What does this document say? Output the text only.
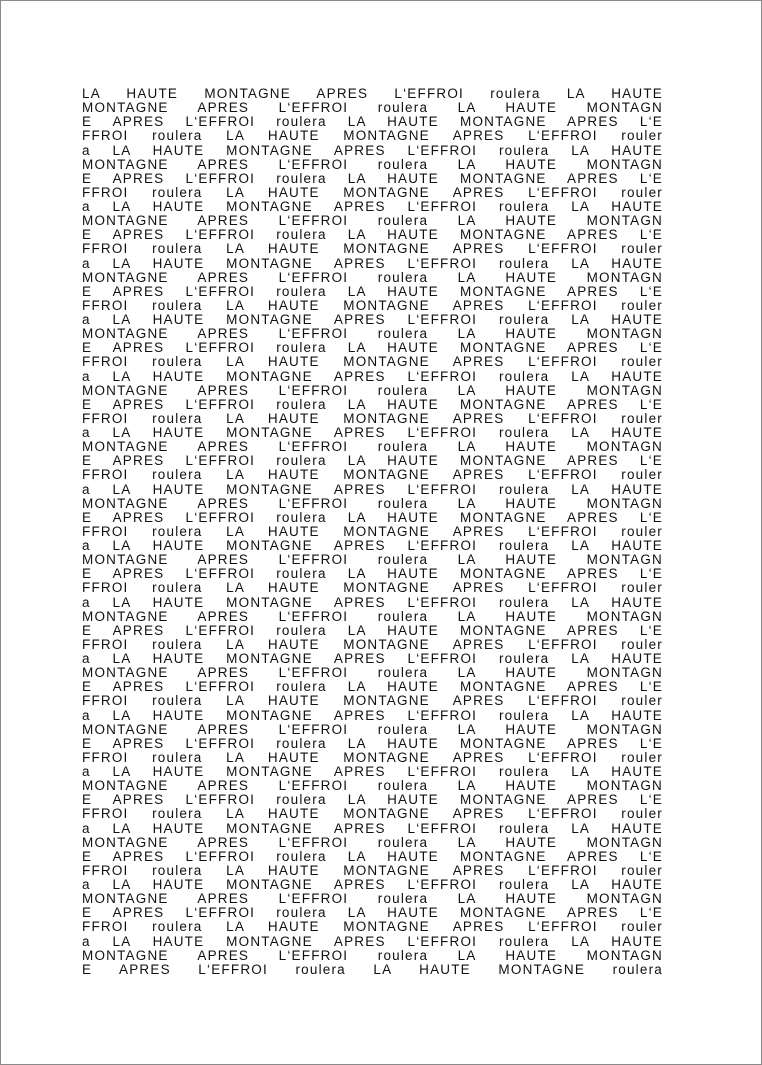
LA HAUTE MONTAGNE APRES L‘EFFROI roulera LA HAUTE
MONTAGNE APRES L‘EFFROI roulera LA HAUTE MONTAGN
E APRES L‘EFFROI roulera LA HAUTE MONTAGNE APRES L‘E
FFROI roulera LA HAUTE MONTAGNE APRES L‘EFFROI rouler
a LA HAUTE MONTAGNE APRES L‘EFFROI roulera LA HAUTE
MONTAGNE APRES L‘EFFROI roulera LA HAUTE MONTAGN
E APRES L‘EFFROI roulera LA HAUTE MONTAGNE APRES L‘E
FFROI roulera LA HAUTE MONTAGNE APRES L‘EFFROI rouler
a LA HAUTE MONTAGNE APRES L‘EFFROI roulera LA HAUTE
MONTAGNE APRES L‘EFFROI roulera LA HAUTE MONTAGN
E APRES L‘EFFROI roulera LA HAUTE MONTAGNE APRES L‘E
FFROI roulera LA HAUTE MONTAGNE APRES L‘EFFROI rouler
a LA HAUTE MONTAGNE APRES L‘EFFROI roulera LA HAUTE
MONTAGNE APRES L‘EFFROI roulera LA HAUTE MONTAGN
E APRES L‘EFFROI roulera LA HAUTE MONTAGNE APRES L‘E
FFROI roulera LA HAUTE MONTAGNE APRES L‘EFFROI rouler
a LA HAUTE MONTAGNE APRES L‘EFFROI roulera LA HAUTE
MONTAGNE APRES L‘EFFROI roulera LA HAUTE MONTAGN
E APRES L‘EFFROI roulera LA HAUTE MONTAGNE APRES L‘E
FFROI roulera LA HAUTE MONTAGNE APRES L‘EFFROI rouler
a LA HAUTE MONTAGNE APRES L‘EFFROI roulera LA HAUTE
MONTAGNE APRES L‘EFFROI roulera LA HAUTE MONTAGN
E APRES L‘EFFROI roulera LA HAUTE MONTAGNE APRES L‘E
FFROI roulera LA HAUTE MONTAGNE APRES L‘EFFROI rouler
a LA HAUTE MONTAGNE APRES L‘EFFROI roulera LA HAUTE
MONTAGNE APRES L‘EFFROI roulera LA HAUTE MONTAGN
E APRES L‘EFFROI roulera LA HAUTE MONTAGNE APRES L‘E
FFROI roulera LA HAUTE MONTAGNE APRES L‘EFFROI rouler
a LA HAUTE MONTAGNE APRES L‘EFFROI roulera LA HAUTE
MONTAGNE APRES L‘EFFROI roulera LA HAUTE MONTAGN
E APRES L‘EFFROI roulera LA HAUTE MONTAGNE APRES L‘E
FFROI roulera LA HAUTE MONTAGNE APRES L‘EFFROI rouler
a LA HAUTE MONTAGNE APRES L‘EFFROI roulera LA HAUTE
MONTAGNE APRES L‘EFFROI roulera LA HAUTE MONTAGN
E APRES L‘EFFROI roulera LA HAUTE MONTAGNE APRES L‘E
FFROI roulera LA HAUTE MONTAGNE APRES L‘EFFROI rouler
a LA HAUTE MONTAGNE APRES L‘EFFROI roulera LA HAUTE
MONTAGNE APRES L‘EFFROI roulera LA HAUTE MONTAGN
E APRES L‘EFFROI roulera LA HAUTE MONTAGNE APRES L‘E
FFROI roulera LA HAUTE MONTAGNE APRES L‘EFFROI rouler
a LA HAUTE MONTAGNE APRES L‘EFFROI roulera LA HAUTE
MONTAGNE APRES L‘EFFROI roulera LA HAUTE MONTAGN
E APRES L‘EFFROI roulera LA HAUTE MONTAGNE APRES L‘E
FFROI roulera LA HAUTE MONTAGNE APRES L‘EFFROI rouler
a LA HAUTE MONTAGNE APRES L‘EFFROI roulera LA HAUTE
MONTAGNE APRES L‘EFFROI roulera LA HAUTE MONTAGN
E APRES L‘EFFROI roulera LA HAUTE MONTAGNE APRES L‘E
FFROI roulera LA HAUTE MONTAGNE APRES L‘EFFROI rouler
a LA HAUTE MONTAGNE APRES L‘EFFROI roulera LA HAUTE
MONTAGNE APRES L‘EFFROI roulera LA HAUTE MONTAGN
E APRES L‘EFFROI roulera LA HAUTE MONTAGNE APRES L‘E
FFROI roulera LA HAUTE MONTAGNE APRES L‘EFFROI rouler
a LA HAUTE MONTAGNE APRES L‘EFFROI roulera LA HAUTE
MONTAGNE APRES L‘EFFROI roulera LA HAUTE MONTAGN
E APRES L‘EFFROI roulera LA HAUTE MONTAGNE APRES L‘E
FFROI roulera LA HAUTE MONTAGNE APRES L‘EFFROI rouler
a LA HAUTE MONTAGNE APRES L‘EFFROI roulera LA HAUTE
MONTAGNE APRES L‘EFFROI roulera LA HAUTE MONTAGN
E APRES L‘EFFROI roulera LA HAUTE MONTAGNE APRES L‘E
FFROI roulera LA HAUTE MONTAGNE APRES L‘EFFROI rouler
a LA HAUTE MONTAGNE APRES L‘EFFROI roulera LA HAUTE
MONTAGNE APRES L‘EFFROI roulera LA HAUTE MONTAGN
E APRES L‘EFFROI roulera LA HAUTE MONTAGNE roulera
